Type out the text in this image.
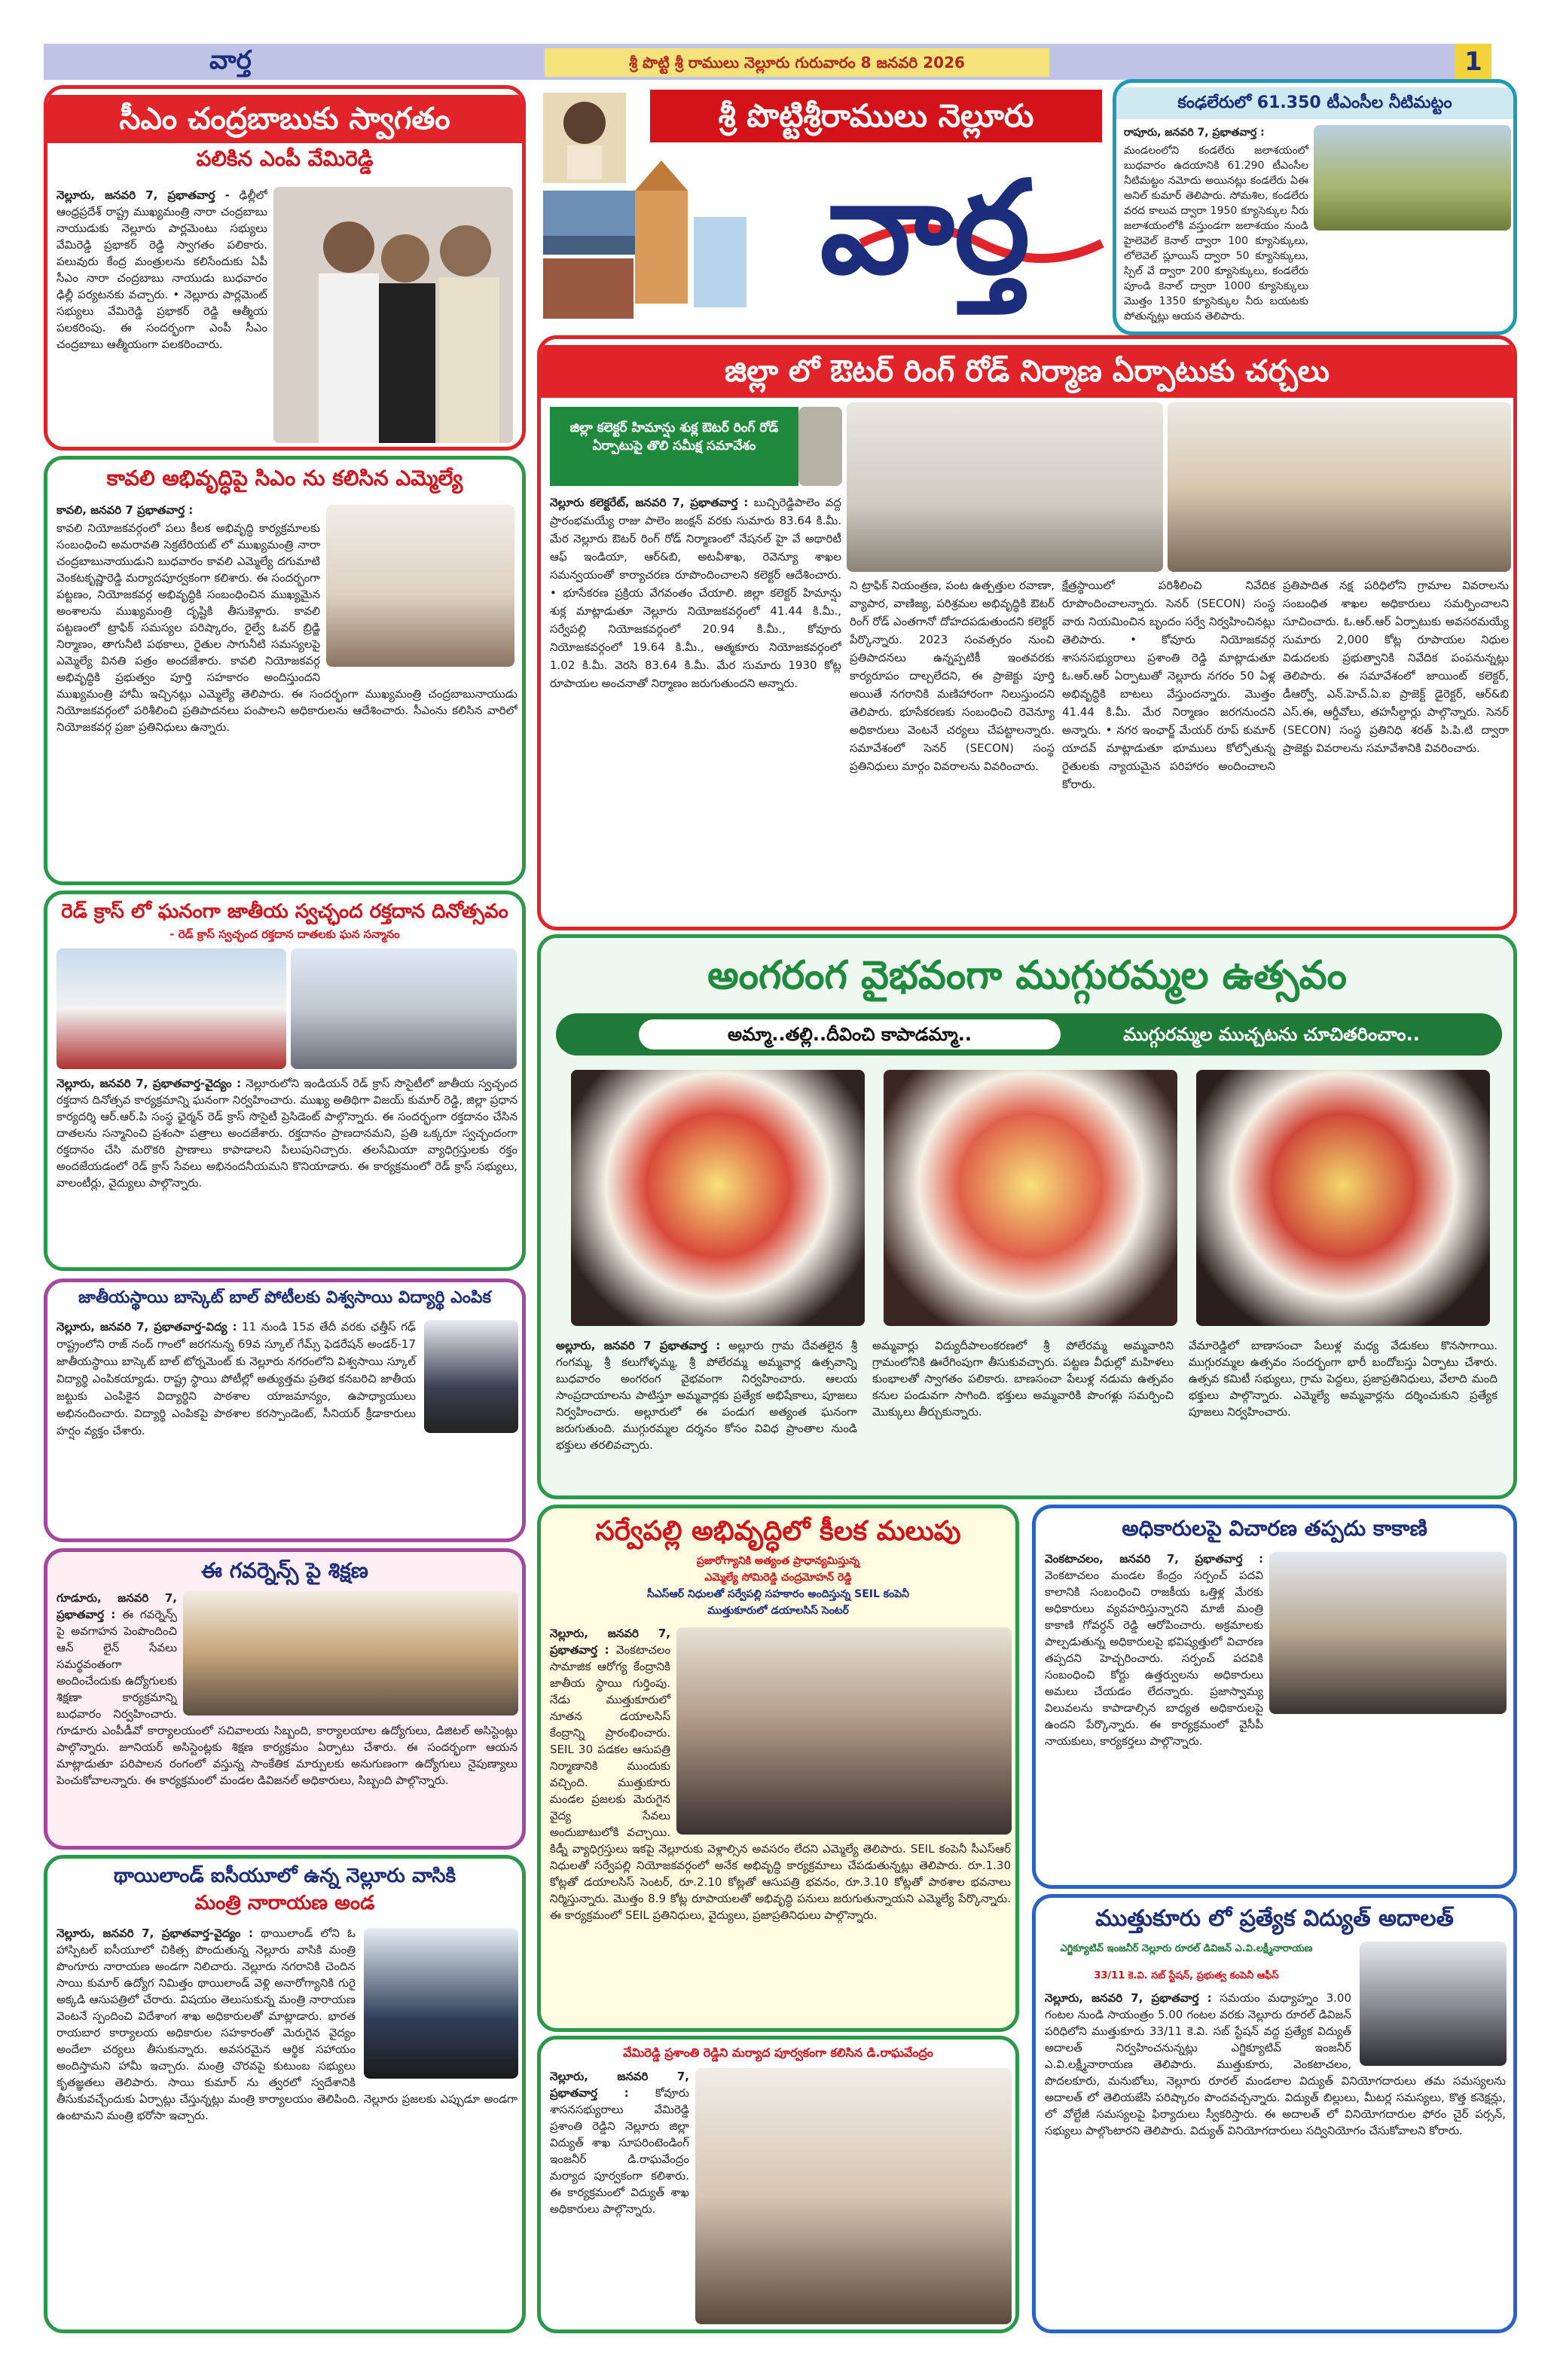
వార్త	శ్రీ పొట్టి శ్రీ రాములు నెల్లూరు గురువారం 8 జనవరి 2026	1
సీఎం చంద్రబాబుకు స్వాగతం
పలికిన ఎంపీ వేమిరెడ్డి
నెల్లూరు, జనవరి 7, ప్రభాతవార్త - ఢిల్లీలో ఆంధ్రప్రదేశ్ రాష్ట్ర ముఖ్యమంత్రి నారా చంద్రబాబు నాయుడుకు నెల్లూరు పార్లమెంటు సభ్యులు వేమిరెడ్డి ప్రభాకర్ రెడ్డి స్వాగతం పలికారు. పలువురు కేంద్ర మంత్రులను కలిసేందుకు ఏపీ సీఎం నారా చంద్రబాబు నాయుడు బుధవారం ఢిల్లీ పర్యటనకు వచ్చారు. • నెల్లూరు పార్లమెంట్ సభ్యులు వేమిరెడ్డి ప్రభాకర్ రెడ్డి ఆత్మీయ పలకరింపు. ఈ సందర్భంగా ఎంపీ సీఎం చంద్రబాబు ఆత్మీయంగా పలకరించారు.
శ్రీ పొట్టిశ్రీరాములు నెల్లూరు
వార్త
కంఢలేరులో 61.350 టీఎంసీల నీటిమట్టం
రాపూరు, జనవరి 7, ప్రభాతవార్త :
మండలంలోని కండలేరు జలాశయంలో బుధవారం ఉదయానికి 61.290 టీఎంసీల నీటిమట్టం నమోదు అయినట్లు కండలేరు ఏఈ అనిల్ కుమార్ తెలిపారు. సోమశిల, కండలేరు వరద కాలువ ద్వారా 1950 క్యూసెక్కుల నీరు జలాశయంలోకి వస్తుండగా జలాశయం నుండి హైలెవెల్ కెనాల్ ద్వారా 100 క్యూసెక్కులు, లోలెవెల్ స్లూయిస్ ద్వారా 50 క్యూసెక్కులు, స్పిల్ వే ద్వారా 200 క్యూసెక్కులు, కండలేరు పూండి కెనాల్ ద్వారా 1000 క్యూసెక్కులు మొత్తం 1350 క్యూసెక్కుల నీరు బయటకు పోతున్నట్లు ఆయన తెలిపారు.
జిల్లా లో ఔటర్ రింగ్ రోడ్ నిర్మాణ ఏర్పాటుకు చర్చలు
జిల్లా కలెక్టర్ హిమాన్షు శుక్ల ఔటర్ రింగ్ రోడ్ ఏర్పాటుపై తొలి సమీక్ష సమావేశం
నెల్లూరు కలెక్టరేట్, జనవరి 7, ప్రభాతవార్త : బుచ్చిరెడ్డిపాలెం వద్ద ప్రారంభమయ్యే రాజు పాలెం జంక్షన్ వరకు సుమారు 83.64 కి.మీ. మేర నెల్లూరు ఔటర్ రింగ్ రోడ్ నిర్మాణంలో నేషనల్ హై వే అథారిటీ ఆఫ్ ఇండియా, ఆర్&బి, అటవీశాఖ, రెవెన్యూ శాఖల సమన్వయంతో కార్యాచరణ రూపొందించాలని కలెక్టర్ ఆదేశించారు. • భూసేకరణ ప్రక్రియ వేగవంతం చేయాలి. జిల్లా కలెక్టర్ హిమాన్షు శుక్ల మాట్లాడుతూ నెల్లూరు నియోజకవర్గంలో 41.44 కి.మీ., సర్వేపల్లి నియోజకవర్గంలో 20.94 కి.మీ., కోవూరు నియోజకవర్గంలో 19.64 కి.మీ., ఆత్మకూరు నియోజకవర్గంలో 1.02 కి.మీ. వెరసి 83.64 కి.మీ. మేర సుమారు 1930 కోట్ల రూపాయల అంచనాతో నిర్మాణం జరుగుతుందని అన్నారు.
ని ట్రాఫిక్ నియంత్రణ, పంట ఉత్పత్తుల రవాణా, వ్యాపార, వాణిజ్య, పరిశ్రమల అభివృద్ధికి ఔటర్ రింగ్ రోడ్ ఎంతగానో దోహదపడుతుందని కలెక్టర్ పేర్కొన్నారు. 2023 సంవత్సరం నుంచి ప్రతిపాదనలు ఉన్నప్పటికీ ఇంతవరకు కార్యరూపం దాల్చలేదని, ఈ ప్రాజెక్టు పూర్తి అయితే నగరానికి మణిహారంగా నిలుస్తుందని తెలిపారు. భూసేకరణకు సంబంధించి రెవెన్యూ అధికారులు వెంటనే చర్యలు చేపట్టాలన్నారు. సమావేశంలో సెనర్ (SECON) సంస్థ ప్రతినిధులు మార్గం వివరాలను వివరించారు.
క్షేత్రస్థాయిలో పరిశీలించి నివేదిక రూపొందించాలన్నారు. సెనర్ (SECON) సంస్థ వారు నియమించిన బృందం సర్వే నిర్వహించినట్లు తెలిపారు. • కోవూరు నియోజకవర్గ శాసనసభ్యురాలు ప్రశాంతి రెడ్డి మాట్లాడుతూ ఓ.ఆర్.ఆర్ ఏర్పాటుతో నెల్లూరు నగరం 50 ఏళ్ల అభివృద్ధికి బాటలు వేస్తుందన్నారు. మొత్తం 41.44 కి.మీ. మేర నిర్మాణం జరగనుందని అన్నారు. • నగర ఇంఛార్జ్ మేయర్ రూప్ కుమార్ యాదవ్ మాట్లాడుతూ భూములు కోల్పోతున్న రైతులకు న్యాయమైన పరిహారం అందించాలని కోరారు.
ప్రతిపాదిత నక్ష పరిధిలోని గ్రామాల వివరాలను సంబంధిత శాఖల అధికారులు సమర్పించాలని సూచించారు. ఓ.ఆర్.ఆర్ ఏర్పాటుకు అవసరమయ్యే సుమారు 2,000 కోట్ల రూపాయల నిధుల విడుదలకు ప్రభుత్వానికి నివేదిక పంపనున్నట్లు తెలిపారు. ఈ సమావేశంలో జాయింట్ కలెక్టర్, డీఆర్వో, ఎన్.హెచ్.ఏ.ఐ ప్రాజెక్ట్ డైరెక్టర్, ఆర్&బి ఎస్.ఈ, ఆర్డీవోలు, తహసీల్దార్లు పాల్గొన్నారు. సెనర్ (SECON) సంస్థ ప్రతినిధి శరత్ పి.పి.టి ద్వారా ప్రాజెక్టు వివరాలను సమావేశానికి వివరించారు.
కావలి అభివృద్ధిపై సిఎం ను కలిసిన ఎమ్మెల్యే
కావలి, జనవరి 7 ప్రభాతవార్త :
కావలి నియోజకవర్గంలో పలు కీలక అభివృద్ధి కార్యక్రమాలకు సంబంధించి అమరావతి సెక్రటేరియట్ లో ముఖ్యమంత్రి నారా చంద్రబాబునాయుడుని బుధవారం కావలి ఎమ్మెల్యే దగుమాటి వెంకటకృష్ణారెడ్డి మర్యాదపూర్వకంగా కలిశారు. ఈ సందర్భంగా పట్టణం, నియోజకవర్గ అభివృద్ధికి సంబంధించిన ముఖ్యమైన అంశాలను ముఖ్యమంత్రి దృష్టికి తీసుకెళ్లారు. కావలి పట్టణంలో ట్రాఫిక్ సమస్యల పరిష్కారం, రైల్వే ఓవర్ బ్రిడ్జి నిర్మాణం, తాగునీటి పథకాలు, రైతుల సాగునీటి సమస్యలపై ఎమ్మెల్యే వినతి పత్రం అందజేశారు. కావలి నియోజకవర్గ అభివృద్ధికి ప్రభుత్వం పూర్తి సహకారం అందిస్తుందని ముఖ్యమంత్రి హామీ ఇచ్చినట్లు ఎమ్మెల్యే తెలిపారు. ఈ సందర్భంగా ముఖ్యమంత్రి చంద్రబాబునాయుడు నియోజకవర్గంలో పరిశీలించి ప్రతిపాదనలు పంపాలని అధికారులను ఆదేశించారు. సీఎంను కలిసిన వారిలో నియోజకవర్గ ప్రజా ప్రతినిధులు ఉన్నారు.
రెడ్ క్రాస్ లో ఘనంగా జాతీయ స్వచ్ఛంద రక్తదాన దినోత్సవం
- రెడ్ క్రాస్ స్వచ్ఛంద రక్తదాన దాతలకు ఘన సన్మానం
నెల్లూరు, జనవరి 7, ప్రభాతవార్త-వైద్యం : నెల్లూరులోని ఇండియన్ రెడ్ క్రాస్ సొసైటీలో జాతీయ స్వచ్ఛంద రక్తదాన దినోత్సవ కార్యక్రమాన్ని ఘనంగా నిర్వహించారు. ముఖ్య అతిథిగా విజయ్ కుమార్ రెడ్డి, జిల్లా ప్రధాన కార్యదర్శి ఆర్.ఆర్.పి సంస్థ ఛైర్మన్ రెడ్ క్రాస్ సొసైటీ ప్రెసిడెంట్ పాల్గొన్నారు. ఈ సందర్భంగా రక్తదానం చేసిన దాతలను సన్మానించి ప్రశంసా పత్రాలు అందజేశారు. రక్తదానం ప్రాణదానమని, ప్రతి ఒక్కరూ స్వచ్ఛందంగా రక్తదానం చేసి మరొకరి ప్రాణాలు కాపాడాలని పిలుపునిచ్చారు. తలసేమియా వ్యాధిగ్రస్తులకు రక్తం అందజేయడంలో రెడ్ క్రాస్ సేవలు అభినందనీయమని కొనియాడారు. ఈ కార్యక్రమంలో రెడ్ క్రాస్ సభ్యులు, వాలంటీర్లు, వైద్యులు పాల్గొన్నారు.
అంగరంగ వైభవంగా ముగ్గురమ్మల ఉత్సవం
అమ్మా..తల్లి..దీవించి కాపాడమ్మా..	ముగ్గురమ్మల ముచ్చటను చూచితరించాం..
అల్లూరు, జనవరి 7 ప్రభాతవార్త : అల్లూరు గ్రామ దేవతలైన శ్రీ గంగమ్మ, శ్రీ కలుగోళ్ళమ్మ, శ్రీ పోలేరమ్మ అమ్మవార్ల ఉత్సవాన్ని బుధవారం అంగరంగ వైభవంగా నిర్వహించారు. ఆలయ సాంప్రదాయాలను పాటిస్తూ అమ్మవార్లకు ప్రత్యేక అభిషేకాలు, పూజలు నిర్వహించారు. అల్లూరులో ఈ పండుగ అత్యంత ఘనంగా జరుగుతుంది. ముగ్గురమ్మల దర్శనం కోసం వివిధ ప్రాంతాల నుండి భక్తులు తరలివచ్చారు.
అమ్మవార్లు విద్యుదీపాలంకరణలో శ్రీ పోలేరమ్మ అమ్మవారిని గ్రామంలోనికి ఊరేగింపుగా తీసుకువచ్చారు. పట్టణ వీధుల్లో మహిళలు కుంభాలతో స్వాగతం పలికారు. బాణసంచా పేలుళ్ల నడుమ ఉత్సవం కనుల పండువగా సాగింది. భక్తులు అమ్మవారికి పొంగళ్లు సమర్పించి మొక్కులు తీర్చుకున్నారు.
వేమారెడ్డిలో బాణాసంచా పేలుళ్ల మధ్య వేడుకలు కొనసాగాయి. ముగ్గురమ్మల ఉత్సవం సందర్భంగా భారీ బందోబస్తు ఏర్పాటు చేశారు. ఉత్సవ కమిటీ సభ్యులు, గ్రామ పెద్దలు, ప్రజాప్రతినిధులు, వేలాది మంది భక్తులు పాల్గొన్నారు. ఎమ్మెల్యే అమ్మవార్లను దర్శించుకుని ప్రత్యేక పూజలు నిర్వహించారు.
జాతీయస్థాయి బాస్కెట్ బాల్ పోటీలకు విశ్వసాయి విద్యార్థి ఎంపిక
నెల్లూరు, జనవరి 7, ప్రభాతవార్త-విద్య : 11 నుండి 15వ తేదీ వరకు ఛత్తీస్ గఢ్ రాష్ట్రంలోని రాజ్ నంద్ గాంలో జరగనున్న 69వ స్కూల్ గేమ్స్ ఫెడరేషన్ అండర్-17 జాతీయస్థాయి బాస్కెట్ బాల్ టోర్నమెంట్ కు నెల్లూరు నగరంలోని విశ్వసాయి స్కూల్ విద్యార్థి ఎంపికయ్యాడు. రాష్ట్ర స్థాయి పోటీల్లో అత్యుత్తమ ప్రతిభ కనబరిచి జాతీయ జట్టుకు ఎంపికైన విద్యార్థిని పాఠశాల యాజమాన్యం, ఉపాధ్యాయులు అభినందించారు. విద్యార్థి ఎంపికపై పాఠశాల కరస్పాండెంట్, సీనియర్ క్రీడాకారులు హర్షం వ్యక్తం చేశారు.
ఈ గవర్నెన్స్ పై శిక్షణ
గూడూరు, జనవరి 7, ప్రభాతవార్త : ఈ గవర్నెన్స్ పై అవగాహన పెంపొందించి ఆన్ లైన్ సేవలు సమర్థవంతంగా అందించేందుకు ఉద్యోగులకు శిక్షణా కార్యక్రమాన్ని బుధవారం నిర్వహించారు. గూడూరు ఎంపీడీవో కార్యాలయంలో సచివాలయ సిబ్బంది, కార్యాలయాల ఉద్యోగులు, డిజిటల్ అసిస్టెంట్లు పాల్గొన్నారు. జూనియర్ అసిస్టెంట్లకు శిక్షణ కార్యక్రమం ఏర్పాటు చేశారు. ఈ సందర్భంగా ఆయన మాట్లాడుతూ పరిపాలన రంగంలో వస్తున్న సాంకేతిక మార్పులకు అనుగుణంగా ఉద్యోగులు నైపుణ్యాలు పెంచుకోవాలన్నారు. ఈ కార్యక్రమంలో మండల డివిజనల్ అధికారులు, సిబ్బంది పాల్గొన్నారు.
థాయిలాండ్ ఐసీయూలో ఉన్న నెల్లూరు వాసికి
మంత్రి నారాయణ అండ
నెల్లూరు, జనవరి 7, ప్రభాతవార్త-వైద్యం : థాయిలాండ్ లోని ఓ హాస్పిటల్ ఐసీయూలో చికిత్స పొందుతున్న నెల్లూరు వాసికి మంత్రి పొంగూరు నారాయణ అండగా నిలిచారు. నెల్లూరు నగరానికి చెందిన సాయి కుమార్ ఉద్యోగ నిమిత్తం థాయిలాండ్ వెళ్లి అనారోగ్యానికి గురై అక్కడి ఆసుపత్రిలో చేరారు. విషయం తెలుసుకున్న మంత్రి నారాయణ వెంటనే స్పందించి విదేశాంగ శాఖ అధికారులతో మాట్లాడారు. భారత రాయబార కార్యాలయ అధికారుల సహకారంతో మెరుగైన వైద్యం అందేలా చర్యలు తీసుకున్నారు. అవసరమైన ఆర్థిక సహాయం అందిస్తామని హామీ ఇచ్చారు. మంత్రి చొరవపై కుటుంబ సభ్యులు కృతజ్ఞతలు తెలిపారు. సాయి కుమార్ ను త్వరలో స్వదేశానికి తీసుకువచ్చేందుకు ఏర్పాట్లు చేస్తున్నట్లు మంత్రి కార్యాలయం తెలిపింది. నెల్లూరు ప్రజలకు ఎప్పుడూ అండగా ఉంటామని మంత్రి భరోసా ఇచ్చారు.
సర్వేపల్లి అభివృద్ధిలో కీలక మలుపు
ప్రజారోగ్యానికి అత్యంత ప్రాధాన్యమిస్తున్న
ఎమ్మెల్యే సోమిరెడ్డి చంద్రమోహన్ రెడ్డి
సీఎస్ఆర్ నిధులతో సర్వేపల్లి సహకారం అందిస్తున్న SEIL కంపెనీ
ముత్తుకూరులో డయాలసిస్ సెంటర్
నెల్లూరు, జనవరి 7, ప్రభాతవార్త : వెంకటాచలం సామాజిక ఆరోగ్య కేంద్రానికి జాతీయ స్థాయి గుర్తింపు. నేడు ముత్తుకూరులో నూతన డయాలసిస్ కేంద్రాన్ని ప్రారంభించారు. SEIL 30 పడకల ఆసుపత్రి నిర్మాణానికి ముందుకు వచ్చింది. ముత్తుకూరు మండల ప్రజలకు మెరుగైన వైద్య సేవలు అందుబాటులోకి వచ్చాయి. కిడ్నీ వ్యాధిగ్రస్తులు ఇకపై నెల్లూరుకు వెళ్లాల్సిన అవసరం లేదని ఎమ్మెల్యే తెలిపారు. SEIL కంపెనీ సీఎస్ఆర్ నిధులతో సర్వేపల్లి నియోజకవర్గంలో అనేక అభివృద్ధి కార్యక్రమాలు చేపడుతున్నట్లు తెలిపారు. రూ.1.30 కోట్లతో డయాలసిస్ సెంటర్, రూ.2.10 కోట్లతో ఆసుపత్రి భవనం, రూ.3.10 కోట్లతో పాఠశాల భవనాలు నిర్మిస్తున్నారు. మొత్తం 8.9 కోట్ల రూపాయలతో అభివృద్ధి పనులు జరుగుతున్నాయని ఎమ్మెల్యే పేర్కొన్నారు. ఈ కార్యక్రమంలో SEIL ప్రతినిధులు, వైద్యులు, ప్రజాప్రతినిధులు పాల్గొన్నారు.
వేమిరెడ్డి ప్రశాంతి రెడ్డిని మర్యాద పూర్వకంగా కలిసిన డి.రాఘవేంద్రం
నెల్లూరు, జనవరి 7, ప్రభాతవార్త : కోవూరు శాసనసభ్యురాలు వేమిరెడ్డి ప్రశాంతి రెడ్డిని నెల్లూరు జిల్లా విద్యుత్ శాఖ సూపరింటెండింగ్ ఇంజనీర్ డి.రాఘవేంద్రం మర్యాద పూర్వకంగా కలిశారు. ఈ కార్యక్రమంలో విద్యుత్ శాఖ అధికారులు పాల్గొన్నారు.
అధికారులపై విచారణ తప్పదు కాకాణి
వెంకటాచలం, జనవరి 7, ప్రభాతవార్త : వెంకటాచలం మండల కేంద్రం సర్పంచ్ పదవి కాలానికి సంబంధించి రాజకీయ ఒత్తిళ్ల మేరకు అధికారులు వ్యవహరిస్తున్నారని మాజీ మంత్రి కాకాణి గోవర్ధన్ రెడ్డి ఆరోపించారు. అక్రమాలకు పాల్పడుతున్న అధికారులపై భవిష్యత్తులో విచారణ తప్పదని హెచ్చరించారు. సర్పంచ్ పదవికి సంబంధించి కోర్టు ఉత్తర్వులను అధికారులు అమలు చేయడం లేదన్నారు. ప్రజాస్వామ్య విలువలను కాపాడాల్సిన బాధ్యత అధికారులపై ఉందని పేర్కొన్నారు. ఈ కార్యక్రమంలో వైసీపీ నాయకులు, కార్యకర్తలు పాల్గొన్నారు.
ముత్తుకూరు లో ప్రత్యేక విద్యుత్ అదాలత్
ఎగ్జిక్యూటివ్ ఇంజనీర్ నెల్లూరు రూరల్ డివిజన్ ఎ.వి.లక్ష్మీనారాయణ
33/11 కె.వి. సబ్ స్టేషన్, ప్రభుత్వ కంపెనీ ఆఫీస్
నెల్లూరు, జనవరి 7, ప్రభాతవార్త : సమయం మధ్యాహ్నం 3.00 గంటల నుండి సాయంత్రం 5.00 గంటల వరకు నెల్లూరు రూరల్ డివిజన్ పరిధిలోని ముత్తుకూరు 33/11 కె.వి. సబ్ స్టేషన్ వద్ద ప్రత్యేక విద్యుత్ అదాలత్ నిర్వహించనున్నట్లు ఎగ్జిక్యూటివ్ ఇంజనీర్ ఎ.వి.లక్ష్మీనారాయణ తెలిపారు. ముత్తుకూరు, వెంకటాచలం, పొదలకూరు, మనుబోలు, నెల్లూరు రూరల్ మండలాల విద్యుత్ వినియోగదారులు తమ సమస్యలను అదాలత్ లో తెలియజేసి పరిష్కారం పొందవచ్చన్నారు. విద్యుత్ బిల్లులు, మీటర్ల సమస్యలు, కొత్త కనెక్షన్లు, లో వోల్టేజీ సమస్యలపై ఫిర్యాదులు స్వీకరిస్తారు. ఈ అదాలత్ లో వినియోగదారుల ఫోరం చైర్ పర్సన్, సభ్యులు పాల్గొంటారని తెలిపారు. విద్యుత్ వినియోగదారులు సద్వినియోగం చేసుకోవాలని కోరారు.
